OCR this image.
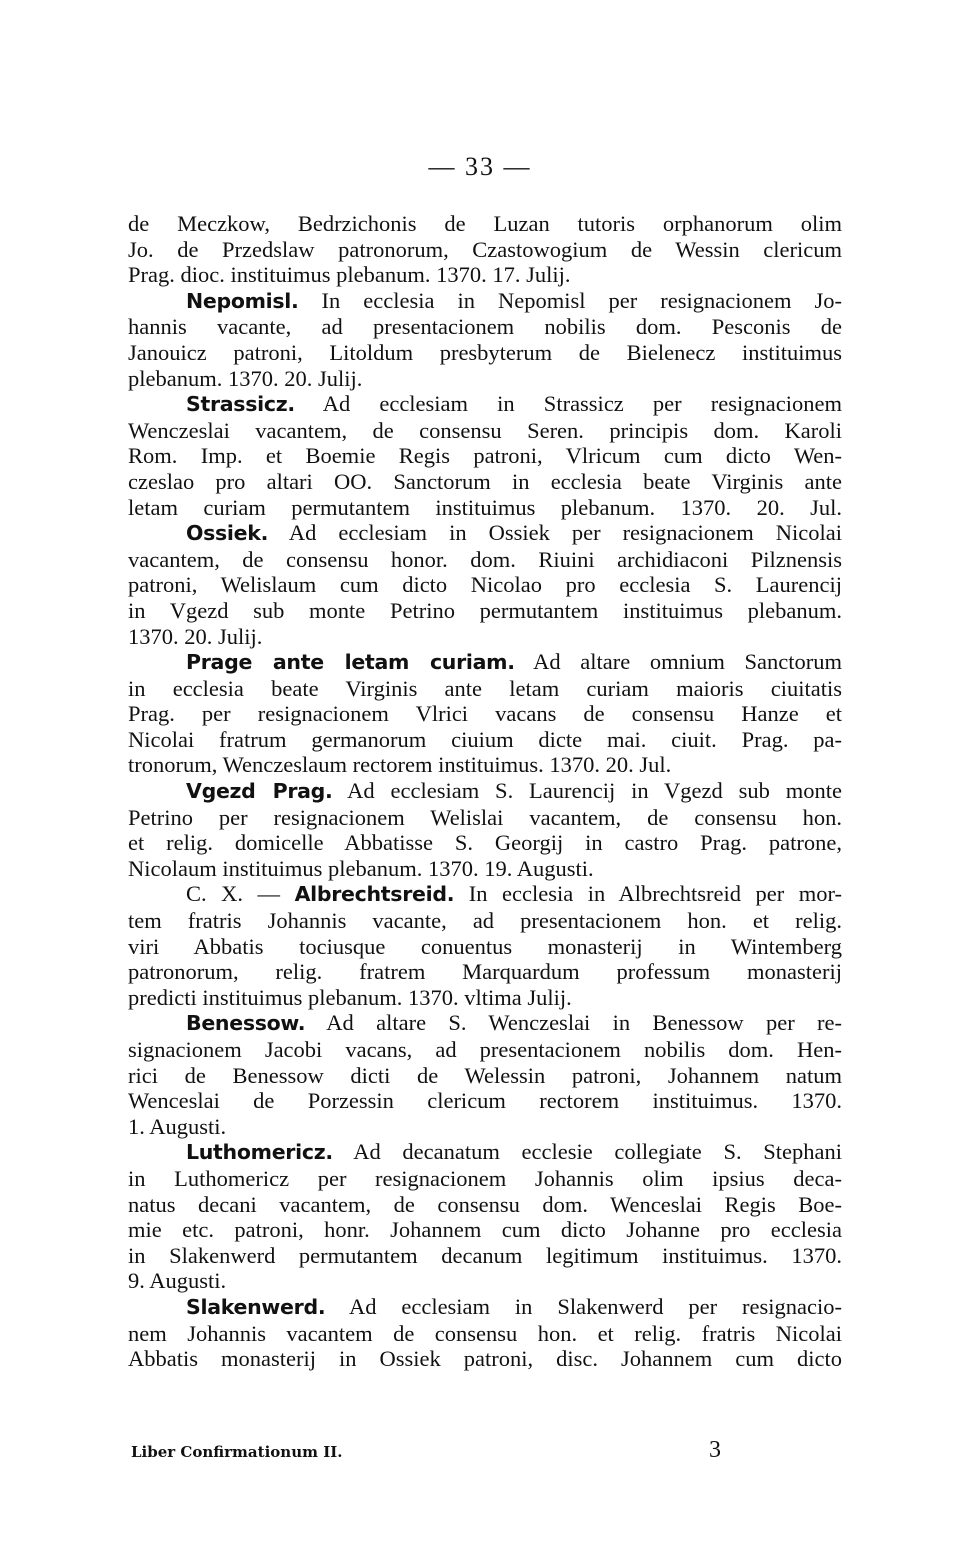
— 33 —
de Meczkow, Bedrzichonis de Luzan tutoris orphanorum olim
Jo. de Przedslaw patronorum, Czastowogium de Wessin clericum
Prag. dioc. instituimus plebanum. 1370. 17. Julij.
Nepomisl. In ecclesia in Nepomisl per resignacionem Jo-
hannis vacante, ad presentacionem nobilis dom. Pesconis de
Janouicz patroni, Litoldum presbyterum de Bielenecz instituimus
plebanum. 1370. 20. Julij.
Strassicz. Ad ecclesiam in Strassicz per resignacionem
Wenczeslai vacantem, de consensu Seren. principis dom. Karoli
Rom. Imp. et Boemie Regis patroni, Vlricum cum dicto Wen-
czeslao pro altari OO. Sanctorum in ecclesia beate Virginis ante
letam curiam permutantem instituimus plebanum. 1370. 20. Jul.
Ossiek. Ad ecclesiam in Ossiek per resignacionem Nicolai
vacantem, de consensu honor. dom. Riuini archidiaconi Pilznensis
patroni, Welislaum cum dicto Nicolao pro ecclesia S. Laurencij
in Vgezd sub monte Petrino permutantem instituimus plebanum.
1370. 20. Julij.
Prage ante letam curiam. Ad altare omnium Sanctorum
in ecclesia beate Virginis ante letam curiam maioris ciuitatis
Prag. per resignacionem Vlrici vacans de consensu Hanze et
Nicolai fratrum germanorum ciuium dicte mai. ciuit. Prag. pa-
tronorum, Wenczeslaum rectorem instituimus. 1370. 20. Jul.
Vgezd Prag. Ad ecclesiam S. Laurencij in Vgezd sub monte
Petrino per resignacionem Welislai vacantem, de consensu hon.
et relig. domicelle Abbatisse S. Georgij in castro Prag. patrone,
Nicolaum instituimus plebanum. 1370. 19. Augusti.
C. X. — Albrechtsreid. In ecclesia in Albrechtsreid per mor-
tem fratris Johannis vacante, ad presentacionem hon. et relig.
viri Abbatis tociusque conuentus monasterij in Wintemberg
patronorum, relig. fratrem Marquardum professum monasterij
predicti instituimus plebanum. 1370. vltima Julij.
Benessow. Ad altare S. Wenczeslai in Benessow per re-
signacionem Jacobi vacans, ad presentacionem nobilis dom. Hen-
rici de Benessow dicti de Welessin patroni, Johannem natum
Wenceslai de Porzessin clericum rectorem instituimus. 1370.
1. Augusti.
Luthomericz. Ad decanatum ecclesie collegiate S. Stephani
in Luthomericz per resignacionem Johannis olim ipsius deca-
natus decani vacantem, de consensu dom. Wenceslai Regis Boe-
mie etc. patroni, honr. Johannem cum dicto Johanne pro ecclesia
in Slakenwerd permutantem decanum legitimum instituimus. 1370.
9. Augusti.
Slakenwerd. Ad ecclesiam in Slakenwerd per resignacio-
nem Johannis vacantem de consensu hon. et relig. fratris Nicolai
Abbatis monasterij in Ossiek patroni, disc. Johannem cum dicto
Liber Confirmationum II.	3
